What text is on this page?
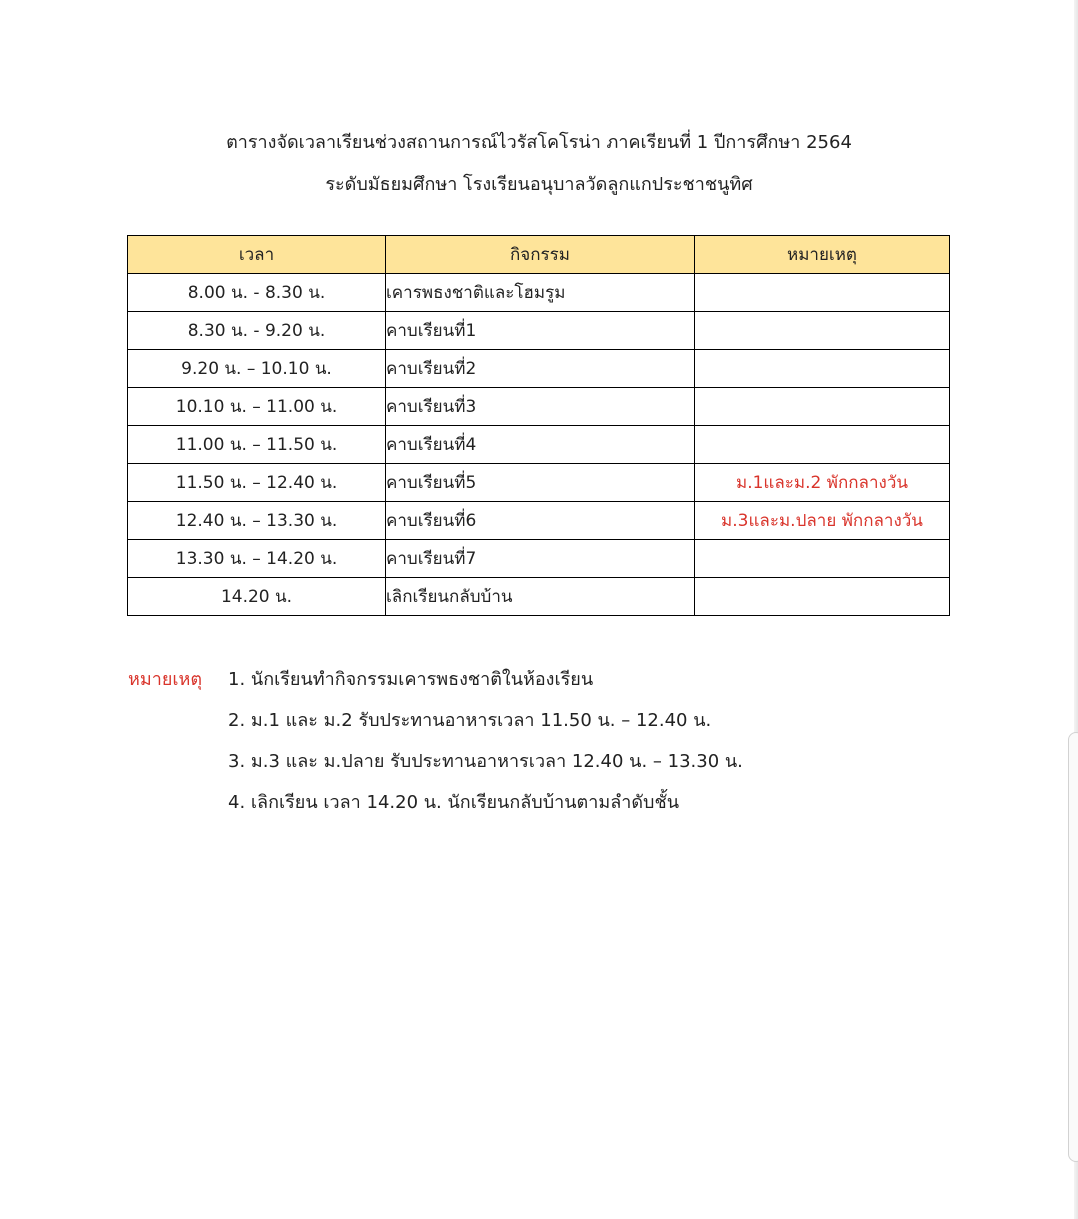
ตารางจัดเวลาเรียนช่วงสถานการณ์ไวรัสโคโรน่า ภาคเรียนที่ 1 ปีการศึกษา 2564
ระดับมัธยมศึกษา โรงเรียนอนุบาลวัดลูกแกประชาชนูทิศ
เวลา	กิจกรรม	หมายเหตุ
8.00 น. - 8.30 น.	เคารพธงชาติและโฮมรูม	
8.30 น. - 9.20 น.	คาบเรียนที่1	
9.20 น. – 10.10 น.	คาบเรียนที่2	
10.10 น. – 11.00 น.	คาบเรียนที่3	
11.00 น. – 11.50 น.	คาบเรียนที่4	
11.50 น. – 12.40 น.	คาบเรียนที่5	ม.1และม.2 พักกลางวัน
12.40 น. – 13.30 น.	คาบเรียนที่6	ม.3และม.ปลาย พักกลางวัน
13.30 น. – 14.20 น.	คาบเรียนที่7	
14.20 น.	เลิกเรียนกลับบ้าน	
หมายเหตุ 1. นักเรียนทำกิจกรรมเคารพธงชาติในห้องเรียน
2. ม.1 และ ม.2 รับประทานอาหารเวลา 11.50 น. – 12.40 น.
3. ม.3 และ ม.ปลาย รับประทานอาหารเวลา 12.40 น. – 13.30 น.
4. เลิกเรียน เวลา 14.20 น. นักเรียนกลับบ้านตามลำดับชั้น
